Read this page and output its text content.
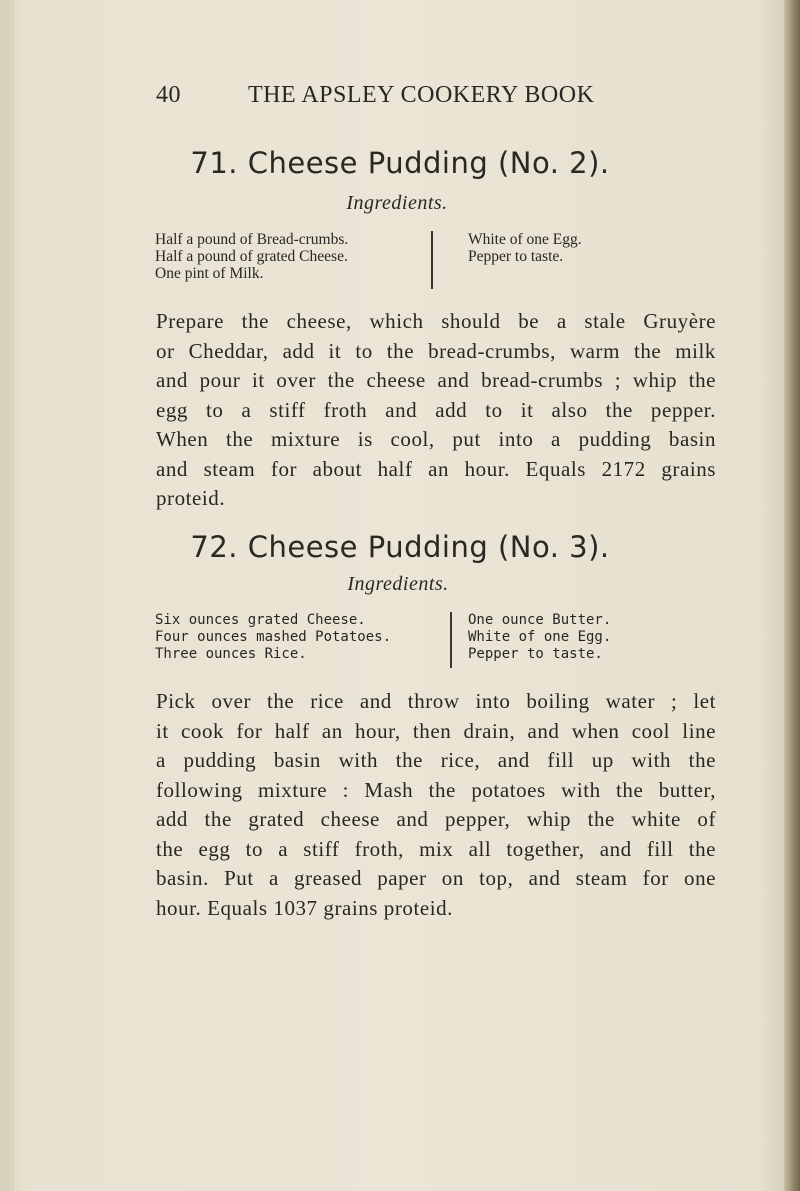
40	THE APSLEY COOKERY BOOK
71. Cheese Pudding (No. 2).
Ingredients.
Half a pound of Bread-crumbs.
Half a pound of grated Cheese.
One pint of Milk.
White of one Egg.
Pepper to taste.
Prepare the cheese, which should be a stale Gruyère
or Cheddar, add it to the bread-crumbs, warm the milk
and pour it over the cheese and bread-crumbs ; whip the
egg to a stiff froth and add to it also the pepper.
When the mixture is cool, put into a pudding basin
and steam for about half an hour. Equals 2172 grains
proteid.
72. Cheese Pudding (No. 3).
Ingredients.
Six ounces grated Cheese.
Four ounces mashed Potatoes.
Three ounces Rice.
One ounce Butter.
White of one Egg.
Pepper to taste.
Pick over the rice and throw into boiling water ; let
it cook for half an hour, then drain, and when cool line
a pudding basin with the rice, and fill up with the
following mixture : Mash the potatoes with the butter,
add the grated cheese and pepper, whip the white of
the egg to a stiff froth, mix all together, and fill the
basin. Put a greased paper on top, and steam for one
hour. Equals 1037 grains proteid.
